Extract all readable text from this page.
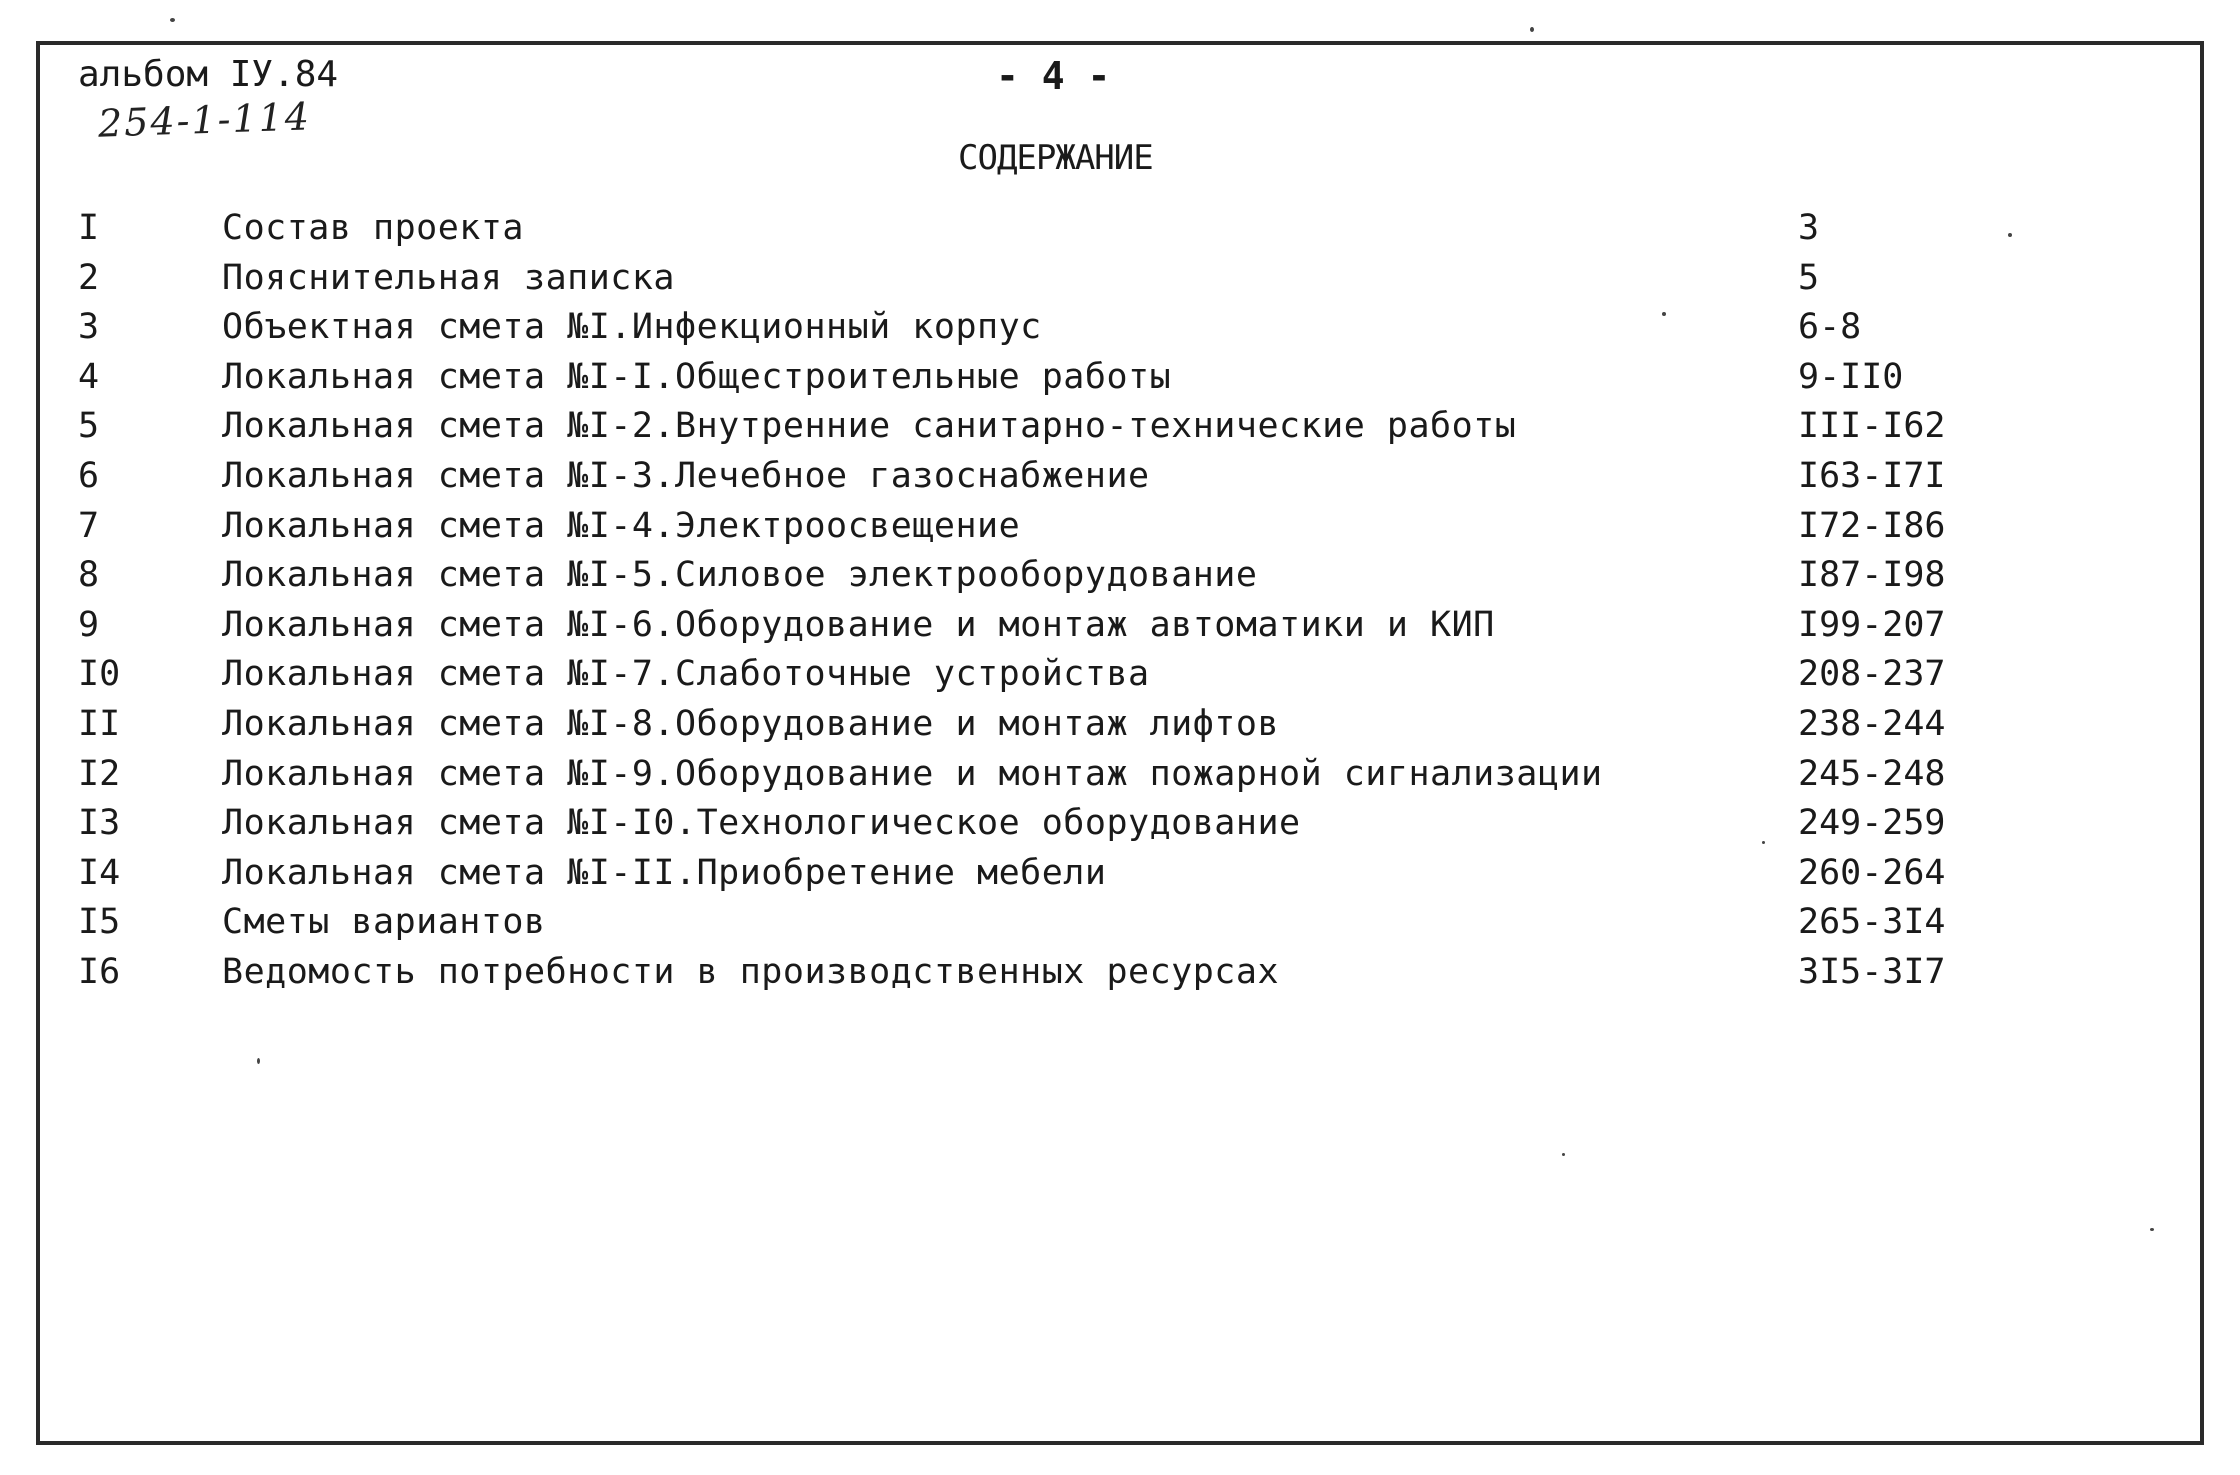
альбом IУ.84
254-1-114
- 4 -
СОДЕРЖАНИЕ
I	Состав проекта	3
2	Пояснительная записка	5
3	Объектная смета №I.Инфекционный корпус	6-8
4	Локальная смета №I-I.Общестроительные работы	9-II0
5	Локальная смета №I-2.Внутренние санитарно-технические работы	III-I62
6	Локальная смета №I-3.Лечебное газоснабжение	I63-I7I
7	Локальная смета №I-4.Электроосвещение	I72-I86
8	Локальная смета №I-5.Силовое электрооборудование	I87-I98
9	Локальная смета №I-6.Оборудование и монтаж автоматики и КИП	I99-207
I0	Локальная смета №I-7.Слаботочные устройства	208-237
II	Локальная смета №I-8.Оборудование и монтаж лифтов	238-244
I2	Локальная смета №I-9.Оборудование и монтаж пожарной сигнализации	245-248
I3	Локальная смета №I-I0.Технологическое оборудование	249-259
I4	Локальная смета №I-II.Приобретение мебели	260-264
I5	Сметы вариантов	265-3I4
I6	Ведомость потребности в производственных ресурсах	3I5-3I7
